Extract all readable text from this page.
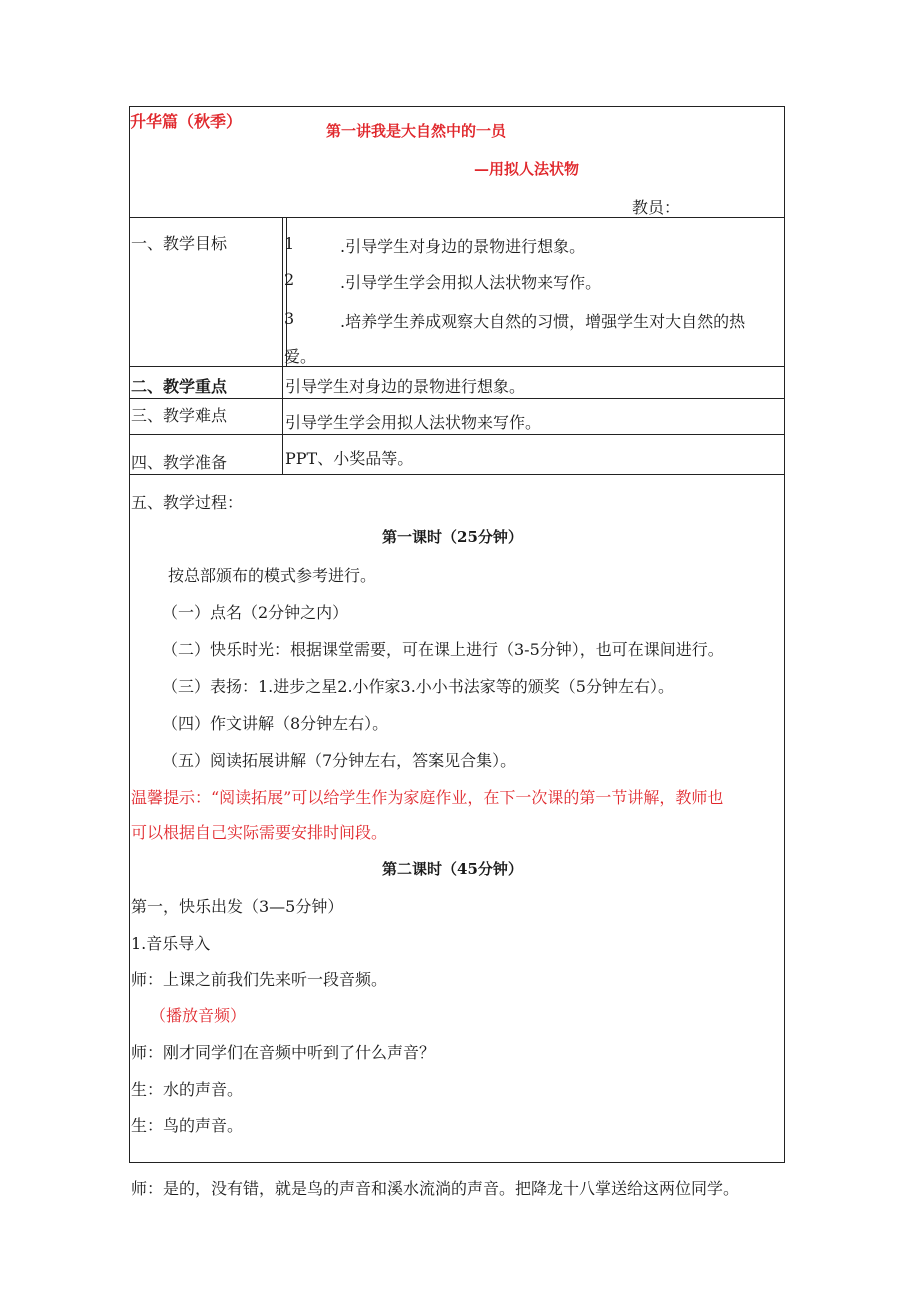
升华篇（秋季）	第一讲我是大自然中的一员
—用拟人法状物
教员：
一、教学目标	1	.引导学生对身边的景物进行想象。
2	.引导学生学会用拟人法状物来写作。
3	.培养学生养成观察大自然的习惯，增强学生对大自然的热
爱。
二、教学重点	引导学生对身边的景物进行想象。
三、教学难点	引导学生学会用拟人法状物来写作。
四、教学准备	PPT、小奖品等。
五、教学过程：
第一课时（25分钟）
按总部颁布的模式参考进行。
（一）点名（2分钟之内）
（二）快乐时光：根据课堂需要，可在课上进行（3-5分钟），也可在课间进行。
（三）表扬：1.进步之星2.小作家3.小小书法家等的颁奖（5分钟左右）。
（四）作文讲解（8分钟左右）。
（五）阅读拓展讲解（7分钟左右，答案见合集）。
温馨提示：“阅读拓展”可以给学生作为家庭作业，在下一次课的第一节讲解，教师也
可以根据自己实际需要安排时间段。
第二课时（45分钟）
第一，快乐出发（3—5分钟）
1.音乐导入
师：上课之前我们先来听一段音频。
（播放音频）
师：刚才同学们在音频中听到了什么声音？
生：水的声音。
生：鸟的声音。
师：是的，没有错，就是鸟的声音和溪水流淌的声音。把降龙十八掌送给这两位同学。
